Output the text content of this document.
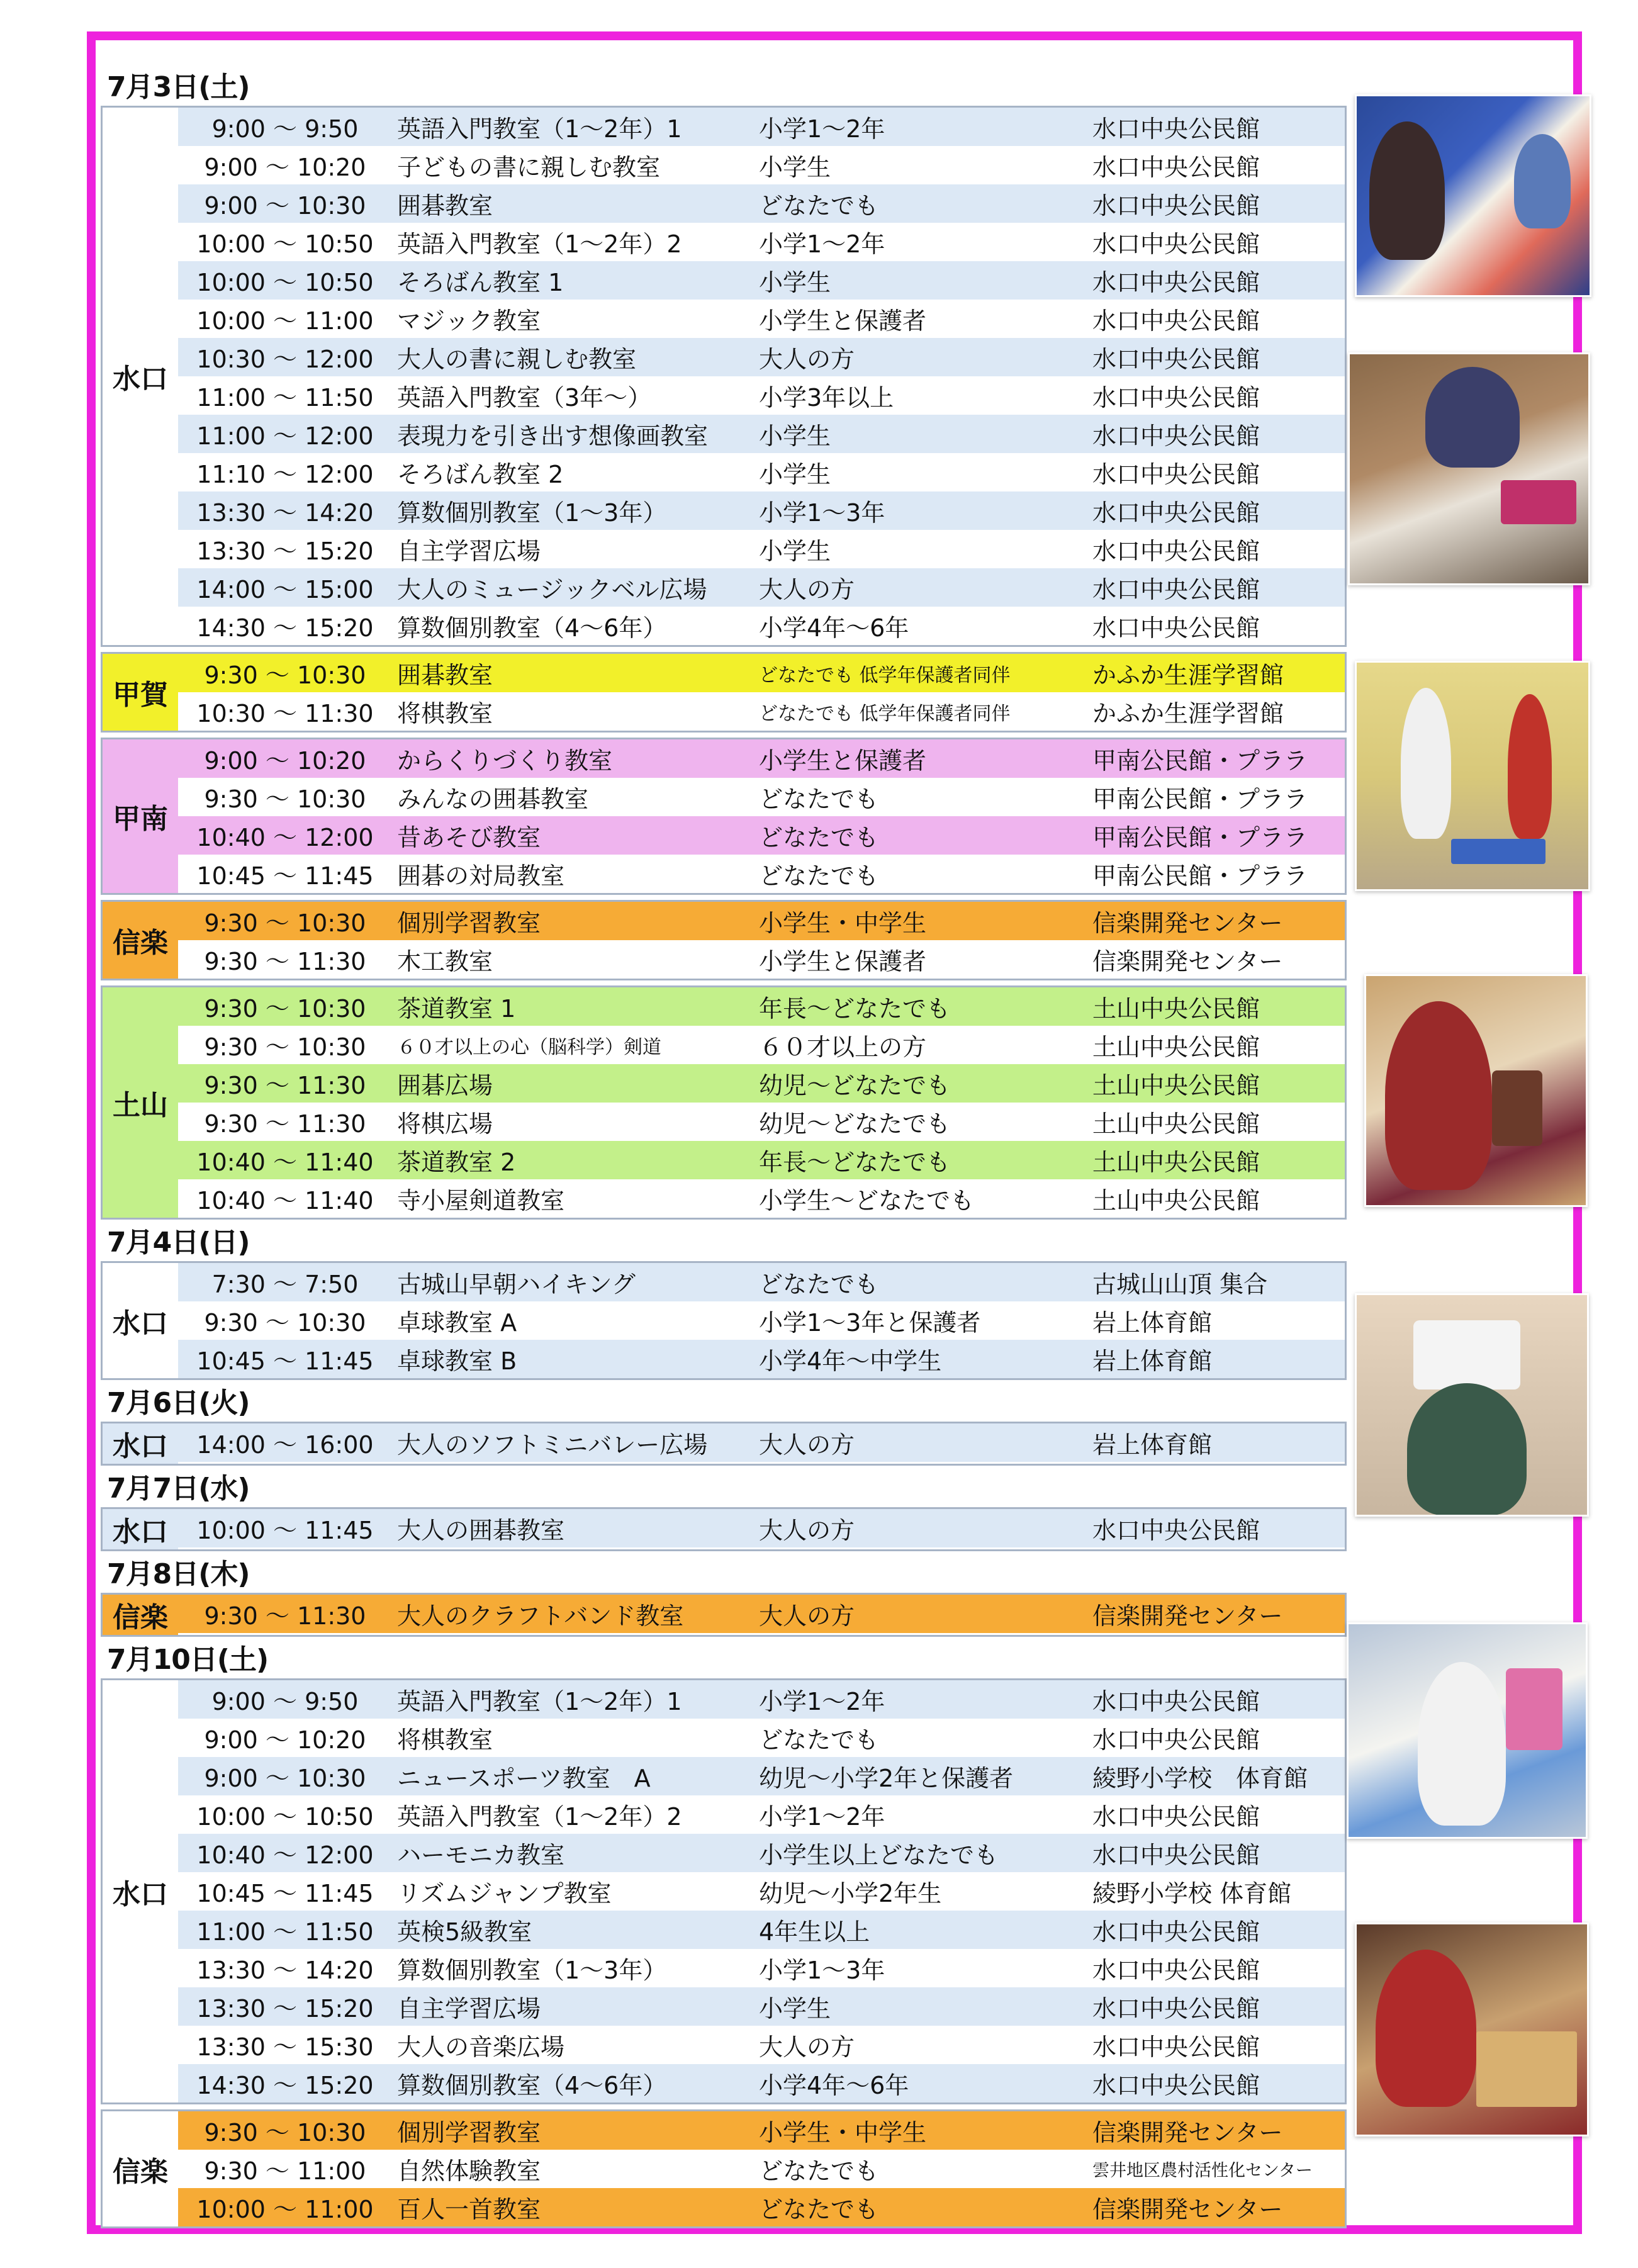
7月3日(土)
水口
9:00 〜 9:50	英語入門教室（1〜2年）1	小学1〜2年	水口中央公民館
9:00 〜 10:20	子どもの書に親しむ教室	小学生	水口中央公民館
9:00 〜 10:30	囲碁教室	どなたでも	水口中央公民館
10:00 〜 10:50 英語入門教室（1〜2年）2	小学1〜2年	水口中央公民館
10:00 〜 10:50 そろばん教室 1	小学生	水口中央公民館
10:00 〜 11:00 マジック教室	小学生と保護者	水口中央公民館
10:30 〜 12:00 大人の書に親しむ教室	大人の方	水口中央公民館
11:00 〜 11:50 英語入門教室（3年〜）	小学3年以上	水口中央公民館
11:00 〜 12:00 表現力を引き出す想像画教室	小学生	水口中央公民館
11:10 〜 12:00 そろばん教室 2	小学生	水口中央公民館
13:30 〜 14:20 算数個別教室（1〜3年）	小学1〜3年	水口中央公民館
13:30 〜 15:20 自主学習広場	小学生	水口中央公民館
14:00 〜 15:00 大人のミュージックベル広場	大人の方	水口中央公民館
14:30 〜 15:20 算数個別教室（4〜6年）	小学4年〜6年	水口中央公民館
甲賀
9:30 〜 10:30	囲碁教室	どなたでも 低学年保護者同伴	かふか生涯学習館
10:30 〜 11:30 将棋教室	どなたでも 低学年保護者同伴	かふか生涯学習館
甲南
9:00 〜 10:20	からくりづくり教室	小学生と保護者	甲南公民館・プララ
9:30 〜 10:30	みんなの囲碁教室	どなたでも	甲南公民館・プララ
10:40 〜 12:00 昔あそび教室	どなたでも	甲南公民館・プララ
10:45 〜 11:45 囲碁の対局教室	どなたでも	甲南公民館・プララ
信楽
9:30 〜 10:30	個別学習教室	小学生・中学生	信楽開発センター
9:30 〜 11:30	木工教室	小学生と保護者	信楽開発センター
土山
9:30 〜 10:30	茶道教室 1	年長〜どなたでも	土山中央公民館
9:30 〜 10:30	６０才以上の心（脳科学）剣道	６０才以上の方	土山中央公民館
9:30 〜 11:30	囲碁広場	幼児〜どなたでも	土山中央公民館
9:30 〜 11:30	将棋広場	幼児〜どなたでも	土山中央公民館
10:40 〜 11:40 茶道教室 2	年長〜どなたでも	土山中央公民館
10:40 〜 11:40 寺小屋剣道教室	小学生〜どなたでも	土山中央公民館
7月4日(日)
水口
7:30 〜 7:50	古城山早朝ハイキング	どなたでも	古城山山頂 集合
9:30 〜 10:30	卓球教室 A	小学1〜3年と保護者	岩上体育館
10:45 〜 11:45 卓球教室 B	小学4年〜中学生	岩上体育館
7月6日(火)
水口	14:00 〜 16:00 大人のソフトミニバレー広場	大人の方	岩上体育館
7月7日(水)
水口	10:00 〜 11:45 大人の囲碁教室	大人の方	水口中央公民館
7月8日(木)
信楽	9:30 〜 11:30	大人のクラフトバンド教室	大人の方	信楽開発センター
7月10日(土)
水口
9:00 〜 9:50	英語入門教室（1〜2年）1	小学1〜2年	水口中央公民館
9:00 〜 10:20	将棋教室	どなたでも	水口中央公民館
9:00 〜 10:30	ニュースポーツ教室　A	幼児〜小学2年と保護者	綾野小学校　体育館
10:00 〜 10:50 英語入門教室（1〜2年）2	小学1〜2年	水口中央公民館
10:40 〜 12:00 ハーモニカ教室	小学生以上どなたでも	水口中央公民館
10:45 〜 11:45 リズムジャンプ教室	幼児〜小学2年生	綾野小学校 体育館
11:00 〜 11:50 英検5級教室	4年生以上	水口中央公民館
13:30 〜 14:20 算数個別教室（1〜3年）	小学1〜3年	水口中央公民館
13:30 〜 15:20 自主学習広場	小学生	水口中央公民館
13:30 〜 15:30 大人の音楽広場	大人の方	水口中央公民館
14:30 〜 15:20 算数個別教室（4〜6年）	小学4年〜6年	水口中央公民館
信楽
9:30 〜 10:30	個別学習教室	小学生・中学生	信楽開発センター
9:30 〜 11:00	自然体験教室	どなたでも	雲井地区農村活性化センター
10:00 〜 11:00 百人一首教室	どなたでも	信楽開発センター
